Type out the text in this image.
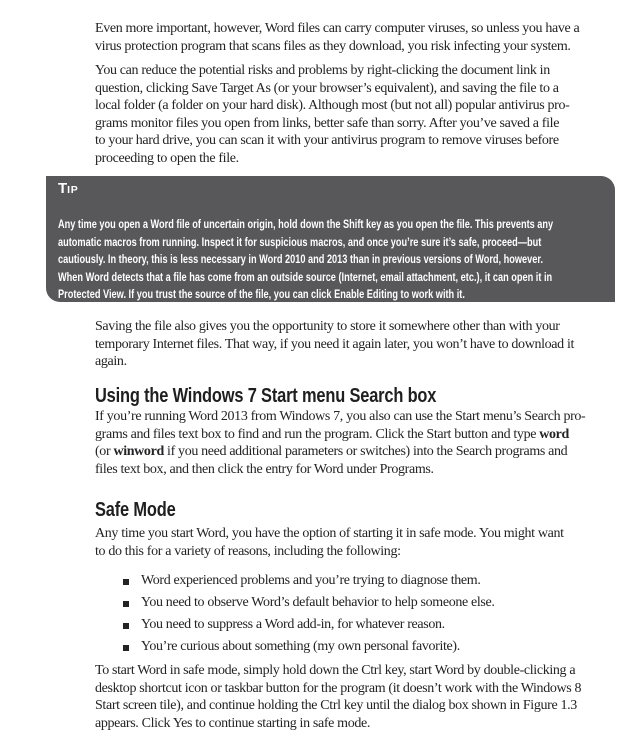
Even more important, however, Word files can carry computer viruses, so unless you have a
virus protection program that scans files as they download, you risk infecting your system.
You can reduce the potential risks and problems by right-clicking the document link in
question, clicking Save Target As (or your browser’s equivalent), and saving the file to a
local folder (a folder on your hard disk). Although most (but not all) popular antivirus pro-
grams monitor files you open from links, better safe than sorry. After you’ve saved a file
to your hard drive, you can scan it with your antivirus program to remove viruses before
proceeding to open the file.
TIP
Any time you open a Word file of uncertain origin, hold down the Shift key as you open the file. This prevents any
automatic macros from running. Inspect it for suspicious macros, and once you’re sure it’s safe, proceed—but
cautiously. In theory, this is less necessary in Word 2010 and 2013 than in previous versions of Word, however.
When Word detects that a file has come from an outside source (Internet, email attachment, etc.), it can open it in
Protected View. If you trust the source of the file, you can click Enable Editing to work with it.
Saving the file also gives you the opportunity to store it somewhere other than with your
temporary Internet files. That way, if you need it again later, you won’t have to download it
again.
Using the Windows 7 Start menu Search box
If you’re running Word 2013 from Windows 7, you also can use the Start menu’s Search pro-
grams and files text box to find and run the program. Click the Start button and type word
(or winword if you need additional parameters or switches) into the Search programs and
files text box, and then click the entry for Word under Programs.
Safe Mode
Any time you start Word, you have the option of starting it in safe mode. You might want
to do this for a variety of reasons, including the following:
Word experienced problems and you’re trying to diagnose them.
You need to observe Word’s default behavior to help someone else.
You need to suppress a Word add-in, for whatever reason.
You’re curious about something (my own personal favorite).
To start Word in safe mode, simply hold down the Ctrl key, start Word by double-clicking a
desktop shortcut icon or taskbar button for the program (it doesn’t work with the Windows 8
Start screen tile), and continue holding the Ctrl key until the dialog box shown in Figure 1.3
appears. Click Yes to continue starting in safe mode.
